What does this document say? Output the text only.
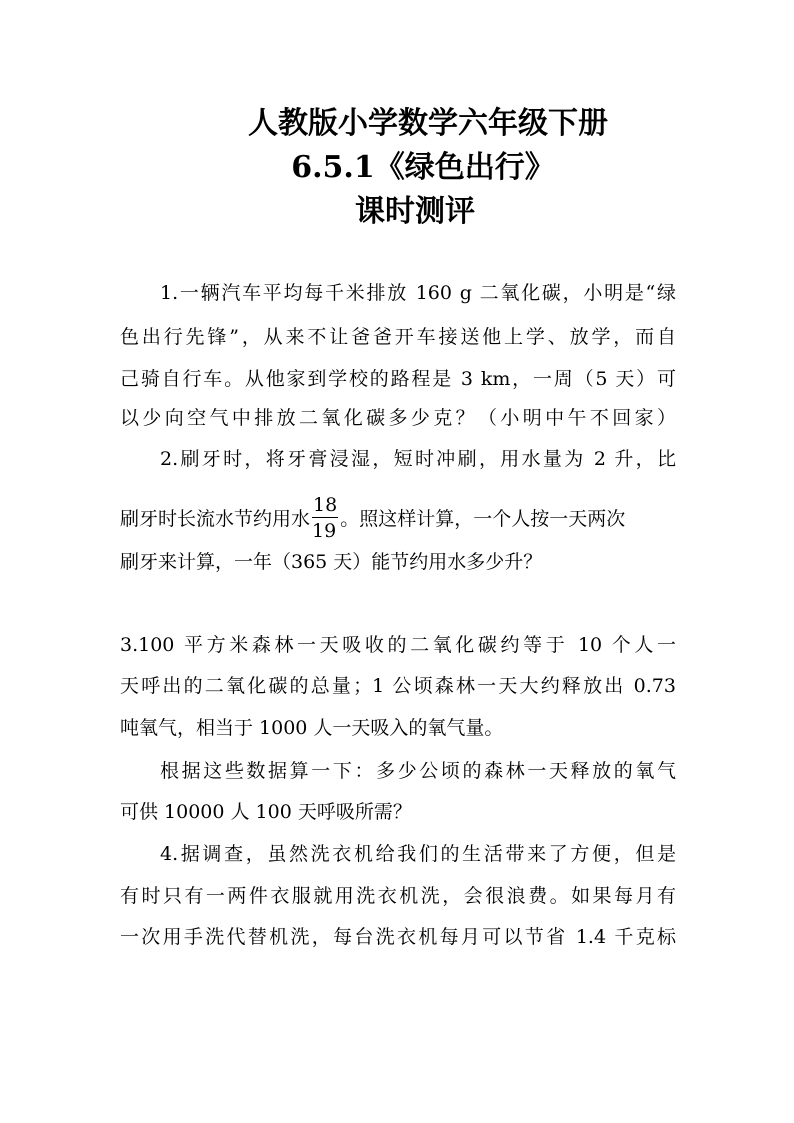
人教版小学数学六年级下册
6.5.1《绿色出行》
课时测评
1.一辆汽车平均每千米排放 160 g 二氧化碳，小明是“绿
色出行先锋”，从来不让爸爸开车接送他上学、放学，而自
己骑自行车。从他家到学校的路程是 3 km，一周（5 天）可
以少向空气中排放二氧化碳多少克？（小明中午不回家）
2.刷牙时，将牙膏浸湿，短时冲刷，用水量为 2 升，比
刷牙时长流水节约用水 $\frac{18}{19}$ 。照这样计算，一个人按一天两次
刷牙来计算，一年（365 天）能节约用水多少升？
3.100 平方米森林一天吸收的二氧化碳约等于 10 个人一
天呼出的二氧化碳的总量；1 公顷森林一天大约释放出 0.73
吨氧气，相当于 1000 人一天吸入的氧气量。
根据这些数据算一下：多少公顷的森林一天释放的氧气
可供 10000 人 100 天呼吸所需？
4.据调查，虽然洗衣机给我们的生活带来了方便，但是
有时只有一两件衣服就用洗衣机洗，会很浪费。如果每月有
一次用手洗代替机洗，每台洗衣机每月可以节省 1.4 千克标
